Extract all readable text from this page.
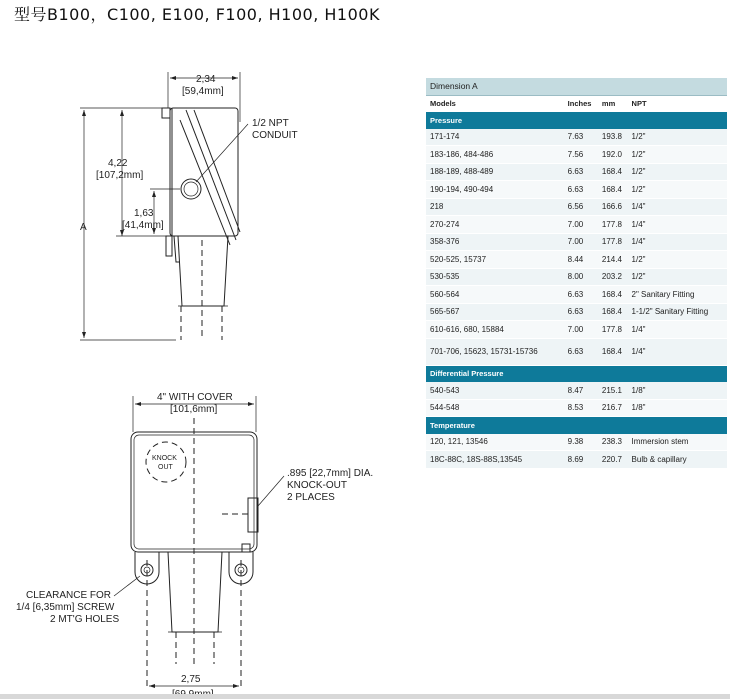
型号B100，C100, E100, F100, H100, H100K
2,34
[59,4mm]
1/2 NPT
CONDUIT
A
4,22
[107,2mm]
1,63
[41,4mm]
4" WITH COVER
[101,6mm]
KNOCK
OUT
.895 [22,7mm] DIA.
KNOCK-OUT
2 PLACES
CLEARANCE FOR
1/4 [6,35mm] SCREW
2 MT'G HOLES
2,75
Dimension A			
Models	Inches	mm	NPT
Pressure			
171-174	7.63	193.8	1/2"
183-186, 484-486	7.56	192.0	1/2"
188-189, 488-489	6.63	168.4	1/2"
190-194, 490-494	6.63	168.4	1/2"
218	6.56	166.6	1/4"
270-274	7.00	177.8	1/4"
358-376	7.00	177.8	1/4"
520-525, 15737	8.44	214.4	1/2"
530-535	8.00	203.2	1/2"
560-564	6.63	168.4	2" Sanitary Fitting
565-567	6.63	168.4	1-1/2" Sanitary Fitting
610-616, 680, 15884	7.00	177.8	1/4"
701-706, 15623, 15731-15736	6.63	168.4	1/4"
Differential Pressure			
540-543	8.47	215.1	1/8"
544-548	8.53	216.7	1/8"
Temperature			
120, 121, 13546	9.38	238.3	Immersion stem
18C-88C, 18S-88S,13545	8.69	220.7	Bulb & capillary
